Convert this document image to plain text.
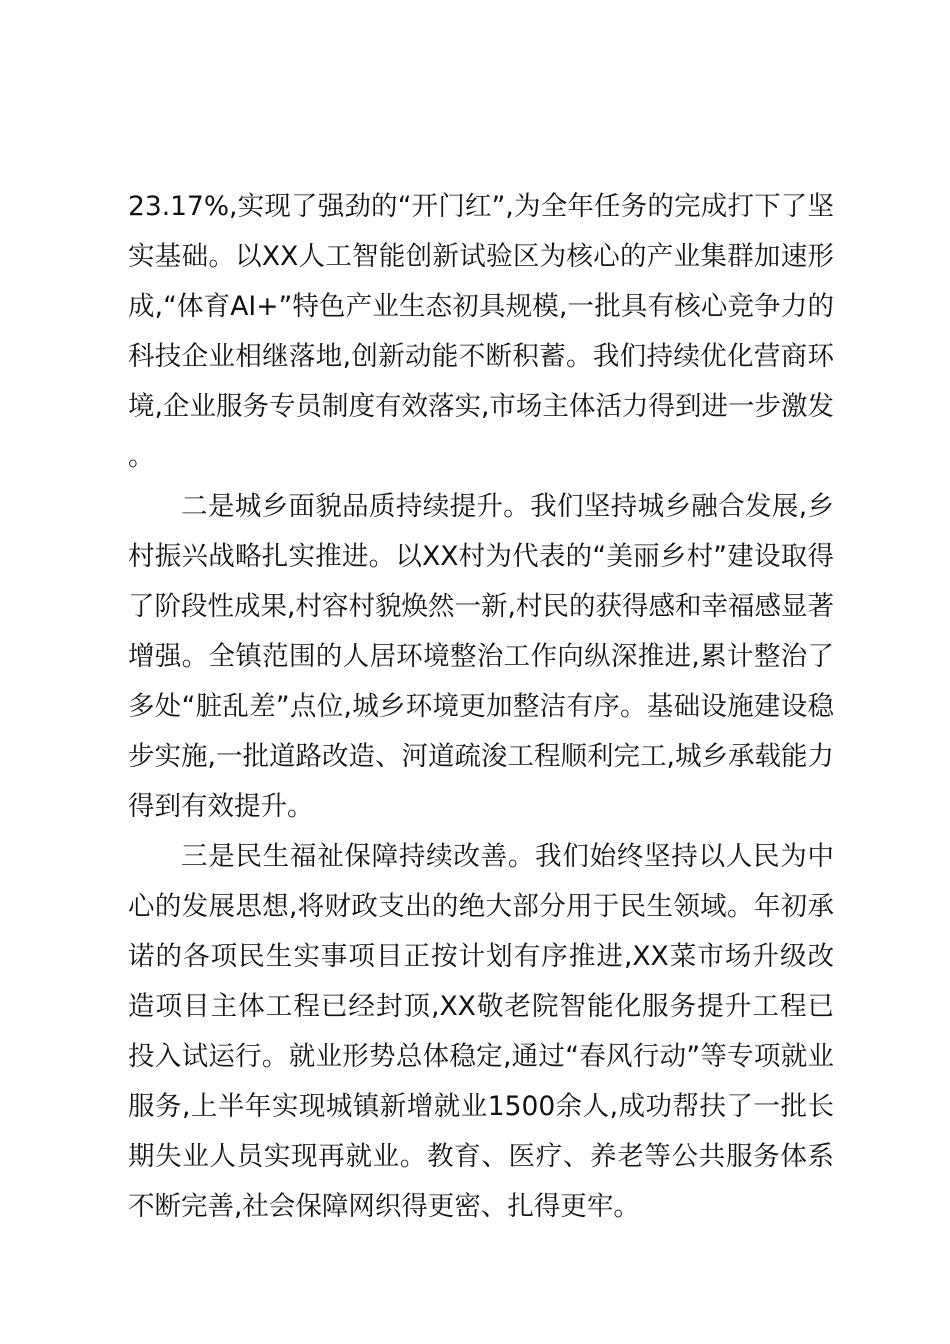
23.17%,实现了强劲的“开门红”,为全年任务的完成打下了坚实基础。以XX人工智能创新试验区为核心的产业集群加速形成,“体育AI+”特色产业生态初具规模,一批具有核心竞争力的科技企业相继落地,创新动能不断积蓄。我们持续优化营商环境,企业服务专员制度有效落实,市场主体活力得到进一步激发。

二是城乡面貌品质持续提升。我们坚持城乡融合发展,乡村振兴战略扎实推进。以XX村为代表的“美丽乡村”建设取得了阶段性成果,村容村貌焕然一新,村民的获得感和幸福感显著增强。全镇范围的人居环境整治工作向纵深推进,累计整治了多处“脏乱差”点位,城乡环境更加整洁有序。基础设施建设稳步实施,一批道路改造、河道疏浚工程顺利完工,城乡承载能力得到有效提升。

三是民生福祉保障持续改善。我们始终坚持以人民为中心的发展思想,将财政支出的绝大部分用于民生领域。年初承诺的各项民生实事项目正按计划有序推进,XX菜市场升级改造项目主体工程已经封顶,XX敬老院智能化服务提升工程已投入试运行。就业形势总体稳定,通过“春风行动”等专项就业服务,上半年实现城镇新增就业1500余人,成功帮扶了一批长期失业人员实现再就业。教育、医疗、养老等公共服务体系不断完善,社会保障网织得更密、扎得更牢。
